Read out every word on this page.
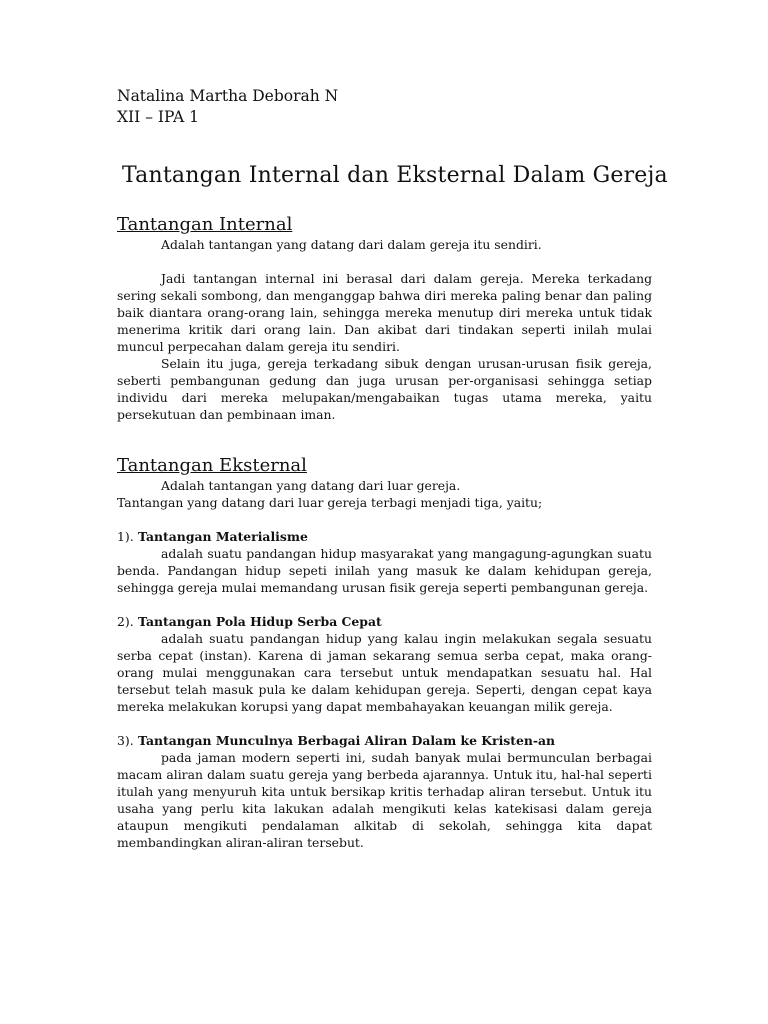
Natalina Martha Deborah N

XII – IPA 1

Tantangan Internal dan Eksternal Dalam Gereja
Tantangan Internal

Adalah tantangan yang datang dari dalam gereja itu sendiri.

Jadi tantangan internal ini berasal dari dalam gereja. Mereka terkadang sering sekali sombong, dan menganggap bahwa diri mereka paling benar dan paling baik diantara orang-orang lain, sehingga mereka menutup diri mereka untuk tidak menerima kritik dari orang lain. Dan akibat dari tindakan seperti inilah mulai muncul perpecahan dalam gereja itu sendiri.

Selain itu juga, gereja terkadang sibuk dengan urusan-urusan fisik gereja, seberti pembangunan gedung dan juga urusan per-organisasi sehingga setiap individu dari mereka melupakan/mengabaikan tugas utama mereka, yaitu persekutuan dan pembinaan iman.

Tantangan Eksternal

Adalah tantangan yang datang dari luar gereja.

Tantangan yang datang dari luar gereja terbagi menjadi tiga, yaitu;

1). Tantangan Materialisme

adalah suatu pandangan hidup masyarakat yang mangagung-agungkan suatu benda. Pandangan hidup sepeti inilah yang masuk ke dalam kehidupan gereja, sehingga gereja mulai memandang urusan fisik gereja seperti pembangunan gereja.

2). Tantangan Pola Hidup Serba Cepat

adalah suatu pandangan hidup yang kalau ingin melakukan segala sesuatu serba cepat (instan). Karena di jaman sekarang semua serba cepat, maka orang-orang mulai menggunakan cara tersebut untuk mendapatkan sesuatu hal. Hal tersebut telah masuk pula ke dalam kehidupan gereja. Seperti, dengan cepat kaya mereka melakukan korupsi yang dapat membahayakan keuangan milik gereja.

3). Tantangan Munculnya Berbagai Aliran Dalam ke Kristen-an

pada jaman modern seperti ini, sudah banyak mulai bermunculan berbagai macam aliran dalam suatu gereja yang berbeda ajarannya. Untuk itu, hal-hal seperti itulah yang menyuruh kita untuk bersikap kritis terhadap aliran tersebut. Untuk itu usaha yang perlu kita lakukan adalah mengikuti kelas katekisasi dalam gereja ataupun mengikuti pendalaman alkitab di sekolah, sehingga kita dapat membandingkan aliran-aliran tersebut.
